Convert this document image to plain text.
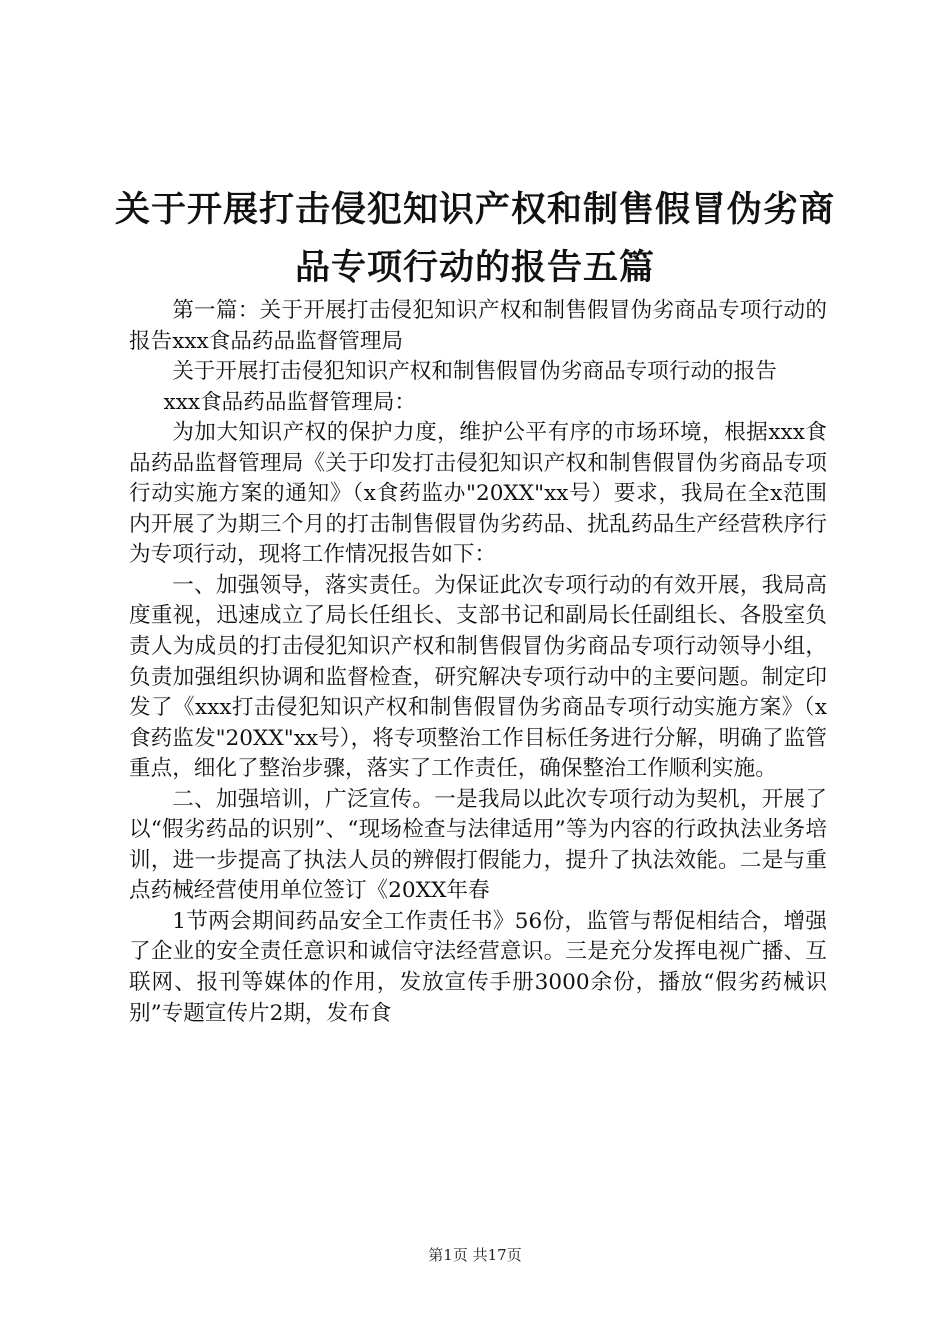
关于开展打击侵犯知识产权和制售假冒伪劣商
品专项行动的报告五篇

第一篇：关于开展打击侵犯知识产权和制售假冒伪劣商品专项行动的报告xxx食品药品监督管理局

关于开展打击侵犯知识产权和制售假冒伪劣商品专项行动的报告

xxx食品药品监督管理局：

为加大知识产权的保护力度，维护公平有序的市场环境，根据xxx食品药品监督管理局《关于印发打击侵犯知识产权和制售假冒伪劣商品专项行动实施方案的通知》（x食药监办"20XX"xx号）要求，我局在全x范围内开展了为期三个月的打击制售假冒伪劣药品、扰乱药品生产经营秩序行为专项行动，现将工作情况报告如下：

一、加强领导，落实责任。为保证此次专项行动的有效开展，我局高度重视，迅速成立了局长任组长、支部书记和副局长任副组长、各股室负责人为成员的打击侵犯知识产权和制售假冒伪劣商品专项行动领导小组，负责加强组织协调和监督检查，研究解决专项行动中的主要问题。制定印发了《xxx打击侵犯知识产权和制售假冒伪劣商品专项行动实施方案》（x食药监发"20XX"xx号），将专项整治工作目标任务进行分解，明确了监管重点，细化了整治步骤，落实了工作责任，确保整治工作顺利实施。

二、加强培训，广泛宣传。一是我局以此次专项行动为契机，开展了以“假劣药品的识别”、“现场检查与法律适用”等为内容的行政执法业务培训，进一步提高了执法人员的辨假打假能力，提升了执法效能。二是与重点药械经营使用单位签订《20XX年春

1节两会期间药品安全工作责任书》56份，监管与帮促相结合，增强了企业的安全责任意识和诚信守法经营意识。三是充分发挥电视广播、互联网、报刊等媒体的作用，发放宣传手册3000余份，播放“假劣药械识别”专题宣传片2期，发布食

第1页 共17页
